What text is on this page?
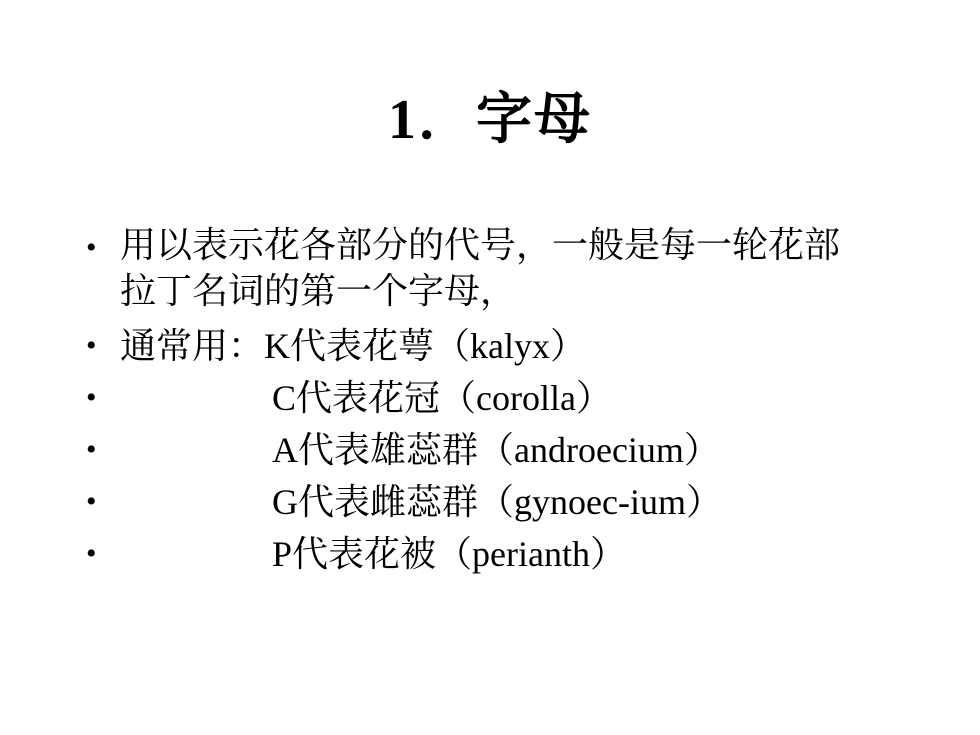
1．字母
• 用以表示花各部分的代号，一般是每一轮花部
拉丁名词的第一个字母，
• 通常用：K代表花萼（kalyx）
•	C代表花冠（corolla）
•	A代表雄蕊群（androecium）
•	G代表雌蕊群（gynoec-ium）
•	P代表花被（perianth）
